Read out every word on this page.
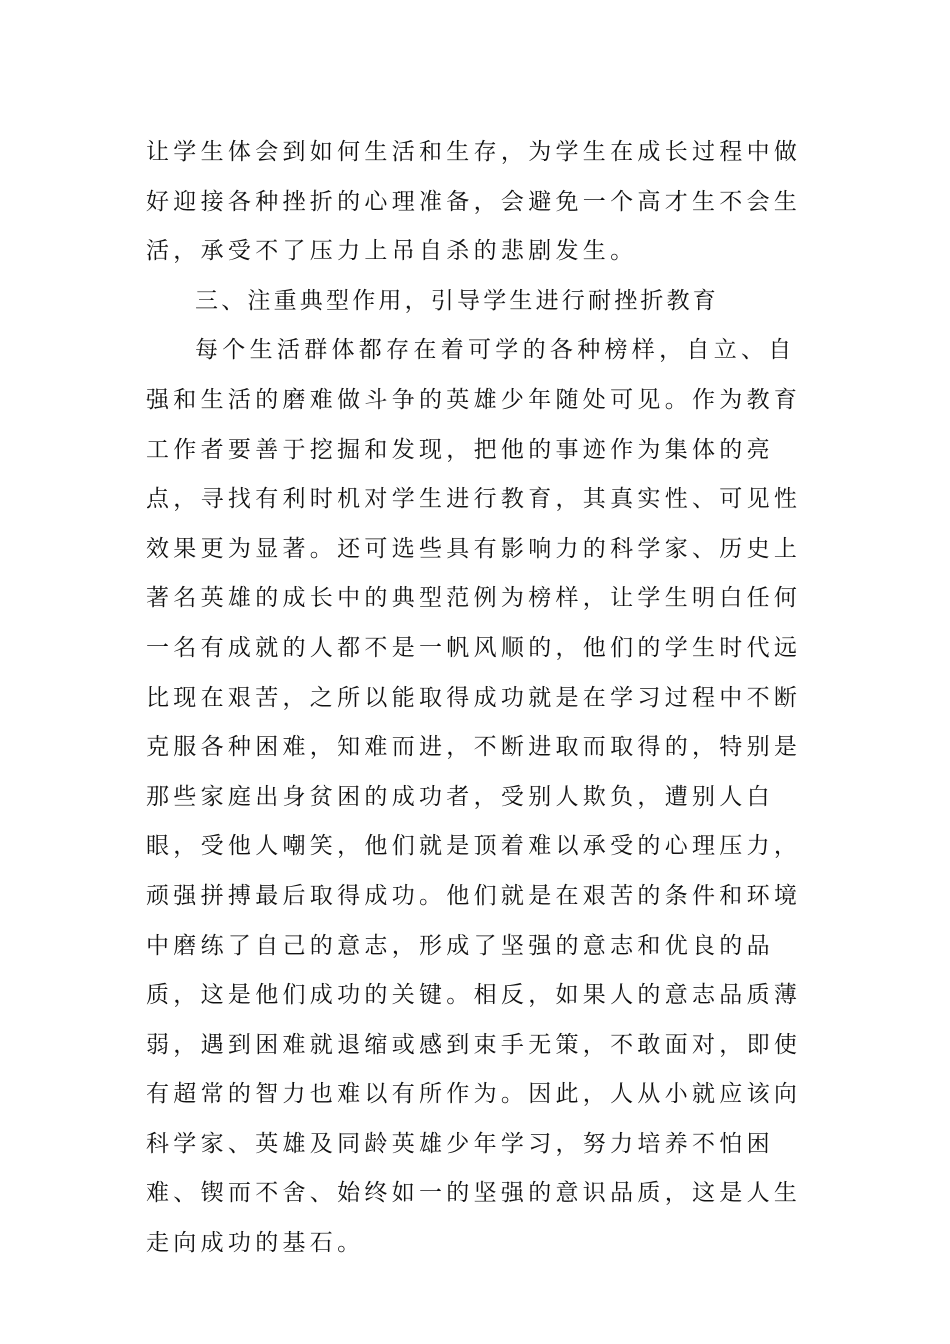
让学生体会到如何生活和生存，为学生在成长过程中做好迎接各种挫折的心理准备，会避免一个高才生不会生活，承受不了压力上吊自杀的悲剧发生。

三、注重典型作用，引导学生进行耐挫折教育

每个生活群体都存在着可学的各种榜样，自立、自强和生活的磨难做斗争的英雄少年随处可见。作为教育工作者要善于挖掘和发现，把他的事迹作为集体的亮点，寻找有利时机对学生进行教育，其真实性、可见性效果更为显著。还可选些具有影响力的科学家、历史上著名英雄的成长中的典型范例为榜样，让学生明白任何一名有成就的人都不是一帆风顺的，他们的学生时代远比现在艰苦，之所以能取得成功就是在学习过程中不断克服各种困难，知难而进，不断进取而取得的，特别是那些家庭出身贫困的成功者，受别人欺负，遭别人白眼，受他人嘲笑，他们就是顶着难以承受的心理压力，顽强拼搏最后取得成功。他们就是在艰苦的条件和环境中磨练了自己的意志，形成了坚强的意志和优良的品质，这是他们成功的关键。相反，如果人的意志品质薄弱，遇到困难就退缩或感到束手无策，不敢面对，即使有超常的智力也难以有所作为。因此，人从小就应该向科学家、英雄及同龄英雄少年学习，努力培养不怕困难、锲而不舍、始终如一的坚强的意识品质，这是人生走向成功的基石。
